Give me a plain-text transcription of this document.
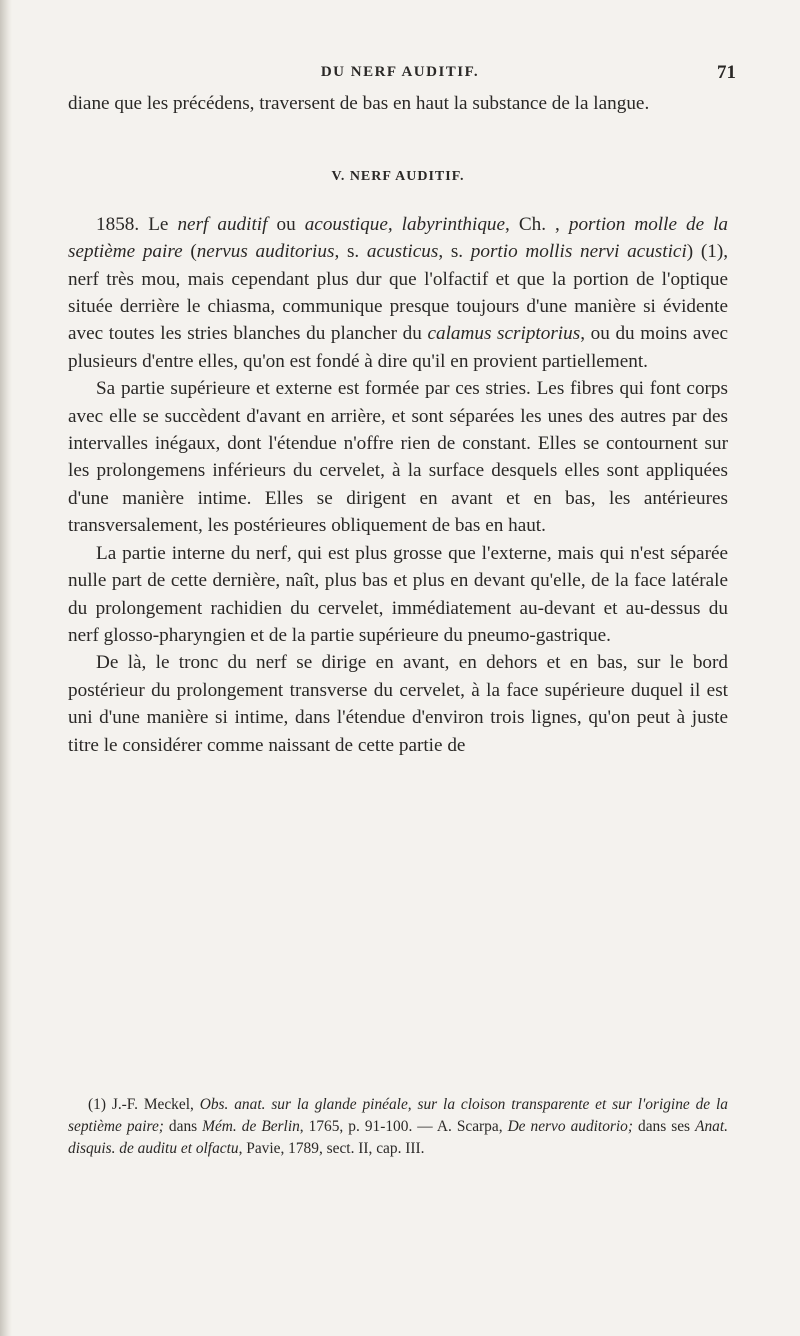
DU NERF AUDITIF.	71

diane que les précédens, traversent de bas en haut la substance de la langue.

V. NERF AUDITIF.

1858. Le nerf auditif ou acoustique, labyrinthique, Ch. , portion molle de la septième paire (nervus auditorius, s. acusticus, s. portio mollis nervi acustici) (1), nerf très mou, mais cependant plus dur que l'olfactif et que la portion de l'optique située derrière le chiasma, communique presque toujours d'une manière si évidente avec toutes les stries blanches du plancher du calamus scriptorius, ou du moins avec plusieurs d'entre elles, qu'on est fondé à dire qu'il en provient partiellement.

Sa partie supérieure et externe est formée par ces stries. Les fibres qui font corps avec elle se succèdent d'avant en arrière, et sont séparées les unes des autres par des intervalles inégaux, dont l'étendue n'offre rien de constant. Elles se contournent sur les prolongemens inférieurs du cervelet, à la surface desquels elles sont appliquées d'une manière intime. Elles se dirigent en avant et en bas, les antérieures transversalement, les postérieures obliquement de bas en haut.

La partie interne du nerf, qui est plus grosse que l'externe, mais qui n'est séparée nulle part de cette dernière, naît, plus bas et plus en devant qu'elle, de la face latérale du prolongement rachidien du cervelet, immédiatement au-devant et au-dessus du nerf glosso-pharyngien et de la partie supérieure du pneumo-gastrique.

De là, le tronc du nerf se dirige en avant, en dehors et en bas, sur le bord postérieur du prolongement transverse du cervelet, à la face supérieure duquel il est uni d'une manière si intime, dans l'étendue d'environ trois lignes, qu'on peut à juste titre le considérer comme naissant de cette partie de

(1) J.-F. Meckel, Obs. anat. sur la glande pinéale, sur la cloison transparente et sur l'origine de la septième paire; dans Mém. de Berlin, 1765, p. 91-100. — A. Scarpa, De nervo auditorio; dans ses Anat. disquis. de auditu et olfactu, Pavie, 1789, sect. II, cap. III.
